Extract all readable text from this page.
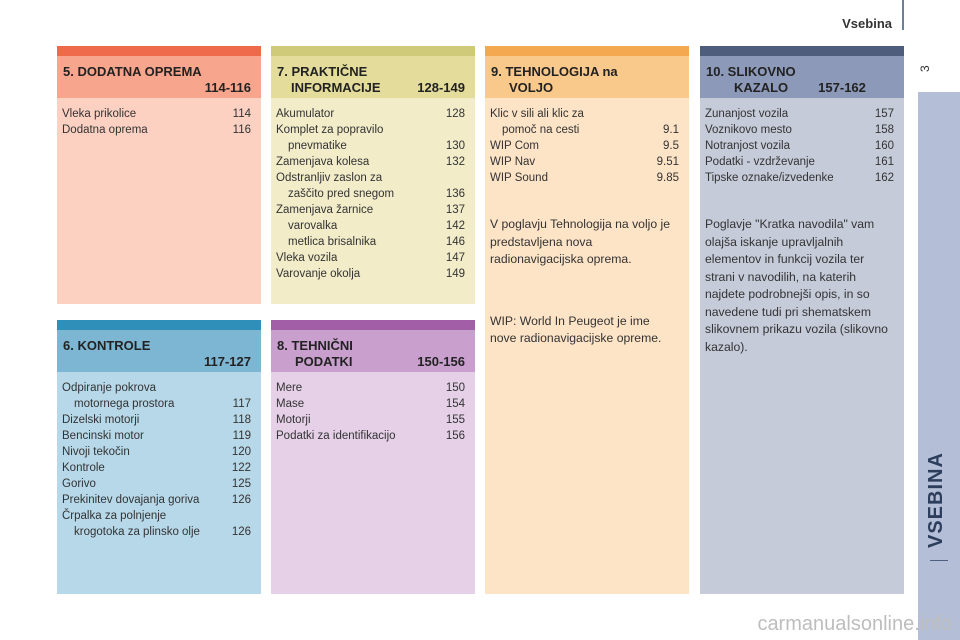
Vsebina
3
VSEBINA
5. DODATNA OPREMA
114-116
Vleka prikolice	114
Dodatna oprema	116
7. PRAKTIČNE
INFORMACIJE	128-149
Akumulator	128
Komplet za popravilo
pnevmatike	130
Zamenjava kolesa	132
Odstranljiv zaslon za
zaščito pred snegom	136
Zamenjava žarnice	137
varovalka	142
metlica brisalnika	146
Vleka vozila	147
Varovanje okolja	149
9. TEHNOLOGIJA na
VOLJO
Klic v sili ali klic za
pomoč na cesti	9.1
WIP Com	9.5
WIP Nav	9.51
WIP Sound	9.85
V poglavju Tehnologija na voljo je predstavljena nova radionavigacijska oprema.
WIP: World In Peugeot je ime nove radionavigacijske opreme.
10. SLIKOVNO
KAZALO 157-162
Zunanjost vozila	157
Voznikovo mesto	158
Notranjost vozila	160
Podatki - vzdrževanje	161
Tipske oznake/izvedenke	162
Poglavje "Kratka navodila" vam olajša iskanje upravljalnih elementov in funkcij vozila ter strani v navodilih, na katerih najdete podrobnejši opis, in so navedene tudi pri shematskem slikovnem prikazu vozila (slikovno kazalo).
6. KONTROLE
117-127
Odpiranje pokrova
motornega prostora	117
Dizelski motorji	118
Bencinski motor	119
Nivoji tekočin	120
Kontrole	122
Gorivo	125
Prekinitev dovajanja goriva	126
Črpalka za polnjenje
krogotoka za plinsko olje	126
8. TEHNIČNI
PODATKI	150-156
Mere	150
Mase	154
Motorji	155
Podatki za identifikacijo	156
carmanualsonline.info
